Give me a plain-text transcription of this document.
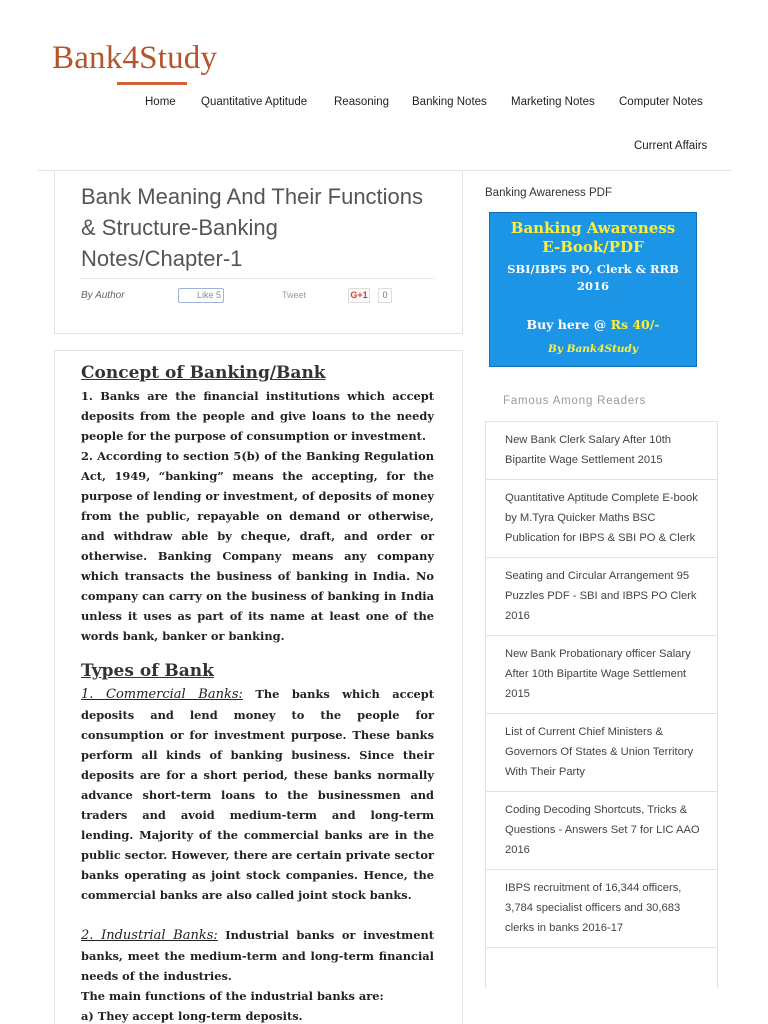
Bank4Study
Home Quantitative Aptitude Reasoning Banking Notes Marketing Notes Computer Notes
Current Affairs
Bank Meaning And Their Functions & Structure-Banking Notes/Chapter-1
By Author	Like 5	Tweet	G+1	0
Concept of Banking/Bank

1. Banks are the financial institutions which accept deposits from the people and give loans to the needy people for the purpose of consumption or investment.

2. According to section 5(b) of the Banking Regulation Act, 1949, “banking” means the accepting, for the purpose of lending or investment, of deposits of money from the public, repayable on demand or otherwise, and withdraw able by cheque, draft, and order or otherwise. Banking Company means any company which transacts the business of banking in India. No company can carry on the business of banking in India unless it uses as part of its name at least one of the words bank, banker or banking.

Types of Bank

1. Commercial Banks: The banks which accept deposits and lend money to the people for consumption or for investment purpose. These banks perform all kinds of banking business. Since their deposits are for a short period, these banks normally advance short-term loans to the businessmen and traders and avoid medium-term and long-term lending. Majority of the commercial banks are in the public sector. However, there are certain private sector banks operating as joint stock companies. Hence, the commercial banks are also called joint stock banks.

2. Industrial Banks: Industrial banks or investment banks, meet the medium-term and long-term financial needs of the industries.

The main functions of the industrial banks are:

a) They accept long-term deposits.

Banking Awareness PDF
Banking Awareness
E-Book/PDF
SBI/IBPS PO, Clerk & RRB
2016
Buy here @ Rs 40/-
By Bank4Study
Famous Among Readers
New Bank Clerk Salary After 10th Bipartite Wage Settlement 2015
Quantitative Aptitude Complete E-book by M.Tyra Quicker Maths BSC Publication for IBPS & SBI PO & Clerk
Seating and Circular Arrangement 95 Puzzles PDF - SBI and IBPS PO Clerk 2016
New Bank Probationary officer Salary After 10th Bipartite Wage Settlement 2015
List of Current Chief Ministers & Governors Of States & Union Territory With Their Party
Coding Decoding Shortcuts, Tricks & Questions - Answers Set 7 for LIC AAO 2016
IBPS recruitment of 16,344 officers, 3,784 specialist officers and 30,683 clerks in banks 2016-17
